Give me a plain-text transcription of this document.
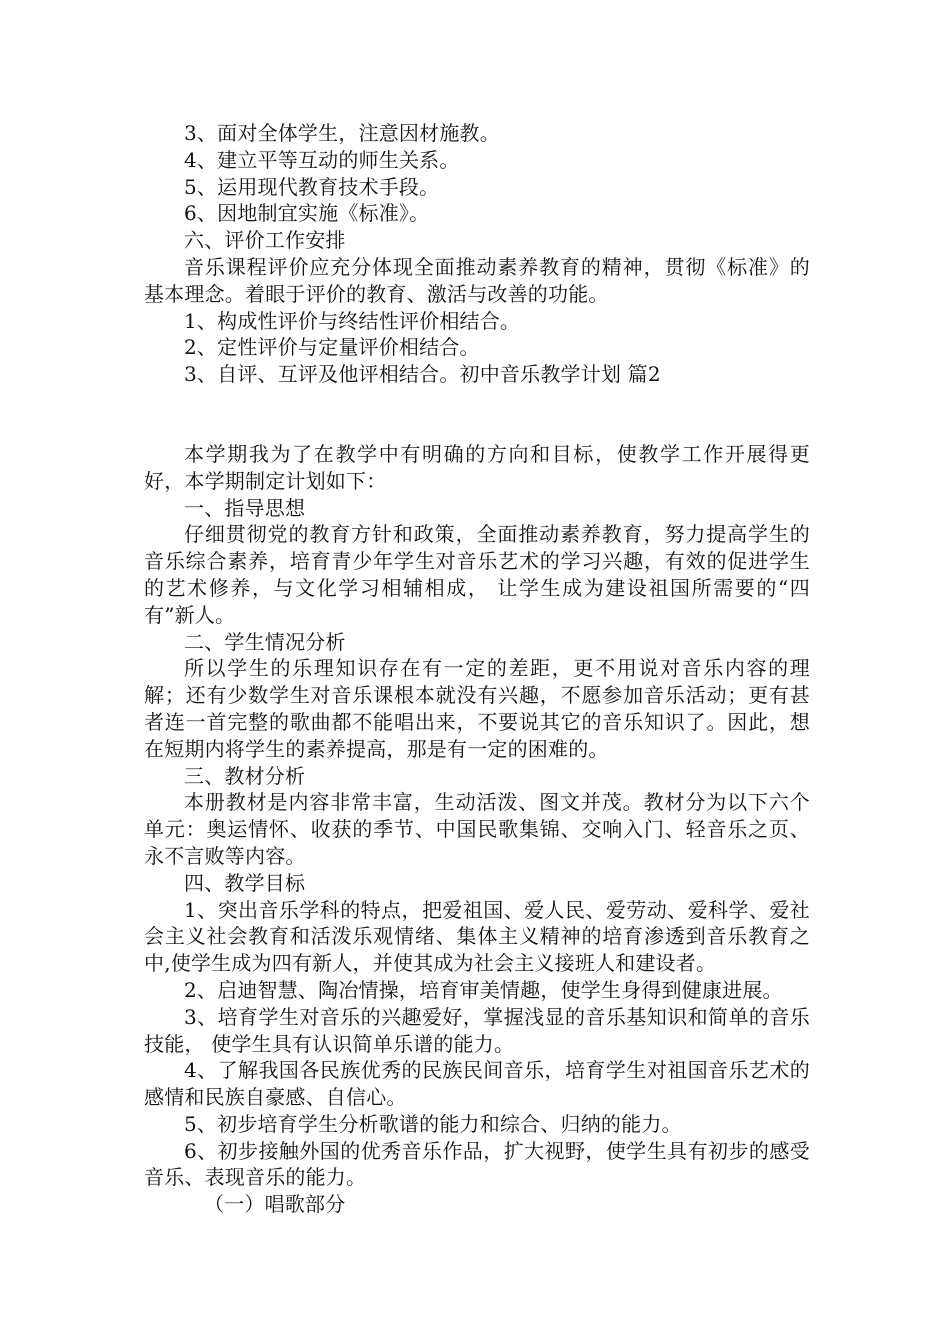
3、面对全体学生，注意因材施教。

4、建立平等互动的师生关系。

5、运用现代教育技术手段。

6、因地制宜实施《标准》。

六、评价工作安排

音乐课程评价应充分体现全面推动素养教育的精神，贯彻《标准》的基本理念。着眼于评价的教育、激活与改善的功能。

1、构成性评价与终结性评价相结合。

2、定性评价与定量评价相结合。

3、自评、互评及他评相结合。初中音乐教学计划 篇2

本学期我为了在教学中有明确的方向和目标，使教学工作开展得更好，本学期制定计划如下：

一、指导思想

仔细贯彻党的教育方针和政策，全面推动素养教育，努力提高学生的音乐综合素养，培育青少年学生对音乐艺术的学习兴趣，有效的促进学生的艺术修养，与文化学习相辅相成， 让学生成为建设祖国所需要的“四有”新人。

二、学生情况分析

所以学生的乐理知识存在有一定的差距，更不用说对音乐内容的理解；还有少数学生对音乐课根本就没有兴趣，不愿参加音乐活动；更有甚者连一首完整的歌曲都不能唱出来，不要说其它的音乐知识了。因此，想在短期内将学生的素养提高，那是有一定的困难的。

三、教材分析

本册教材是内容非常丰富，生动活泼、图文并茂。教材分为以下六个单元：奥运情怀、收获的季节、中国民歌集锦、交响入门、轻音乐之页、永不言败等内容。

四、教学目标

1、突出音乐学科的特点，把爱祖国、爱人民、爱劳动、爱科学、爱社会主义社会教育和活泼乐观情绪、集体主义精神的培育渗透到音乐教育之中,使学生成为四有新人，并使其成为社会主义接班人和建设者。

2、启迪智慧、陶冶情操，培育审美情趣，使学生身得到健康进展。

3、培育学生对音乐的兴趣爱好，掌握浅显的音乐基知识和简单的音乐技能， 使学生具有认识简单乐谱的能力。

4、了解我国各民族优秀的民族民间音乐，培育学生对祖国音乐艺术的感情和民族自豪感、自信心。

5、初步培育学生分析歌谱的能力和综合、归纳的能力。

6、初步接触外国的优秀音乐作品，扩大视野，使学生具有初步的感受音乐、表现音乐的能力。

（一）唱歌部分
